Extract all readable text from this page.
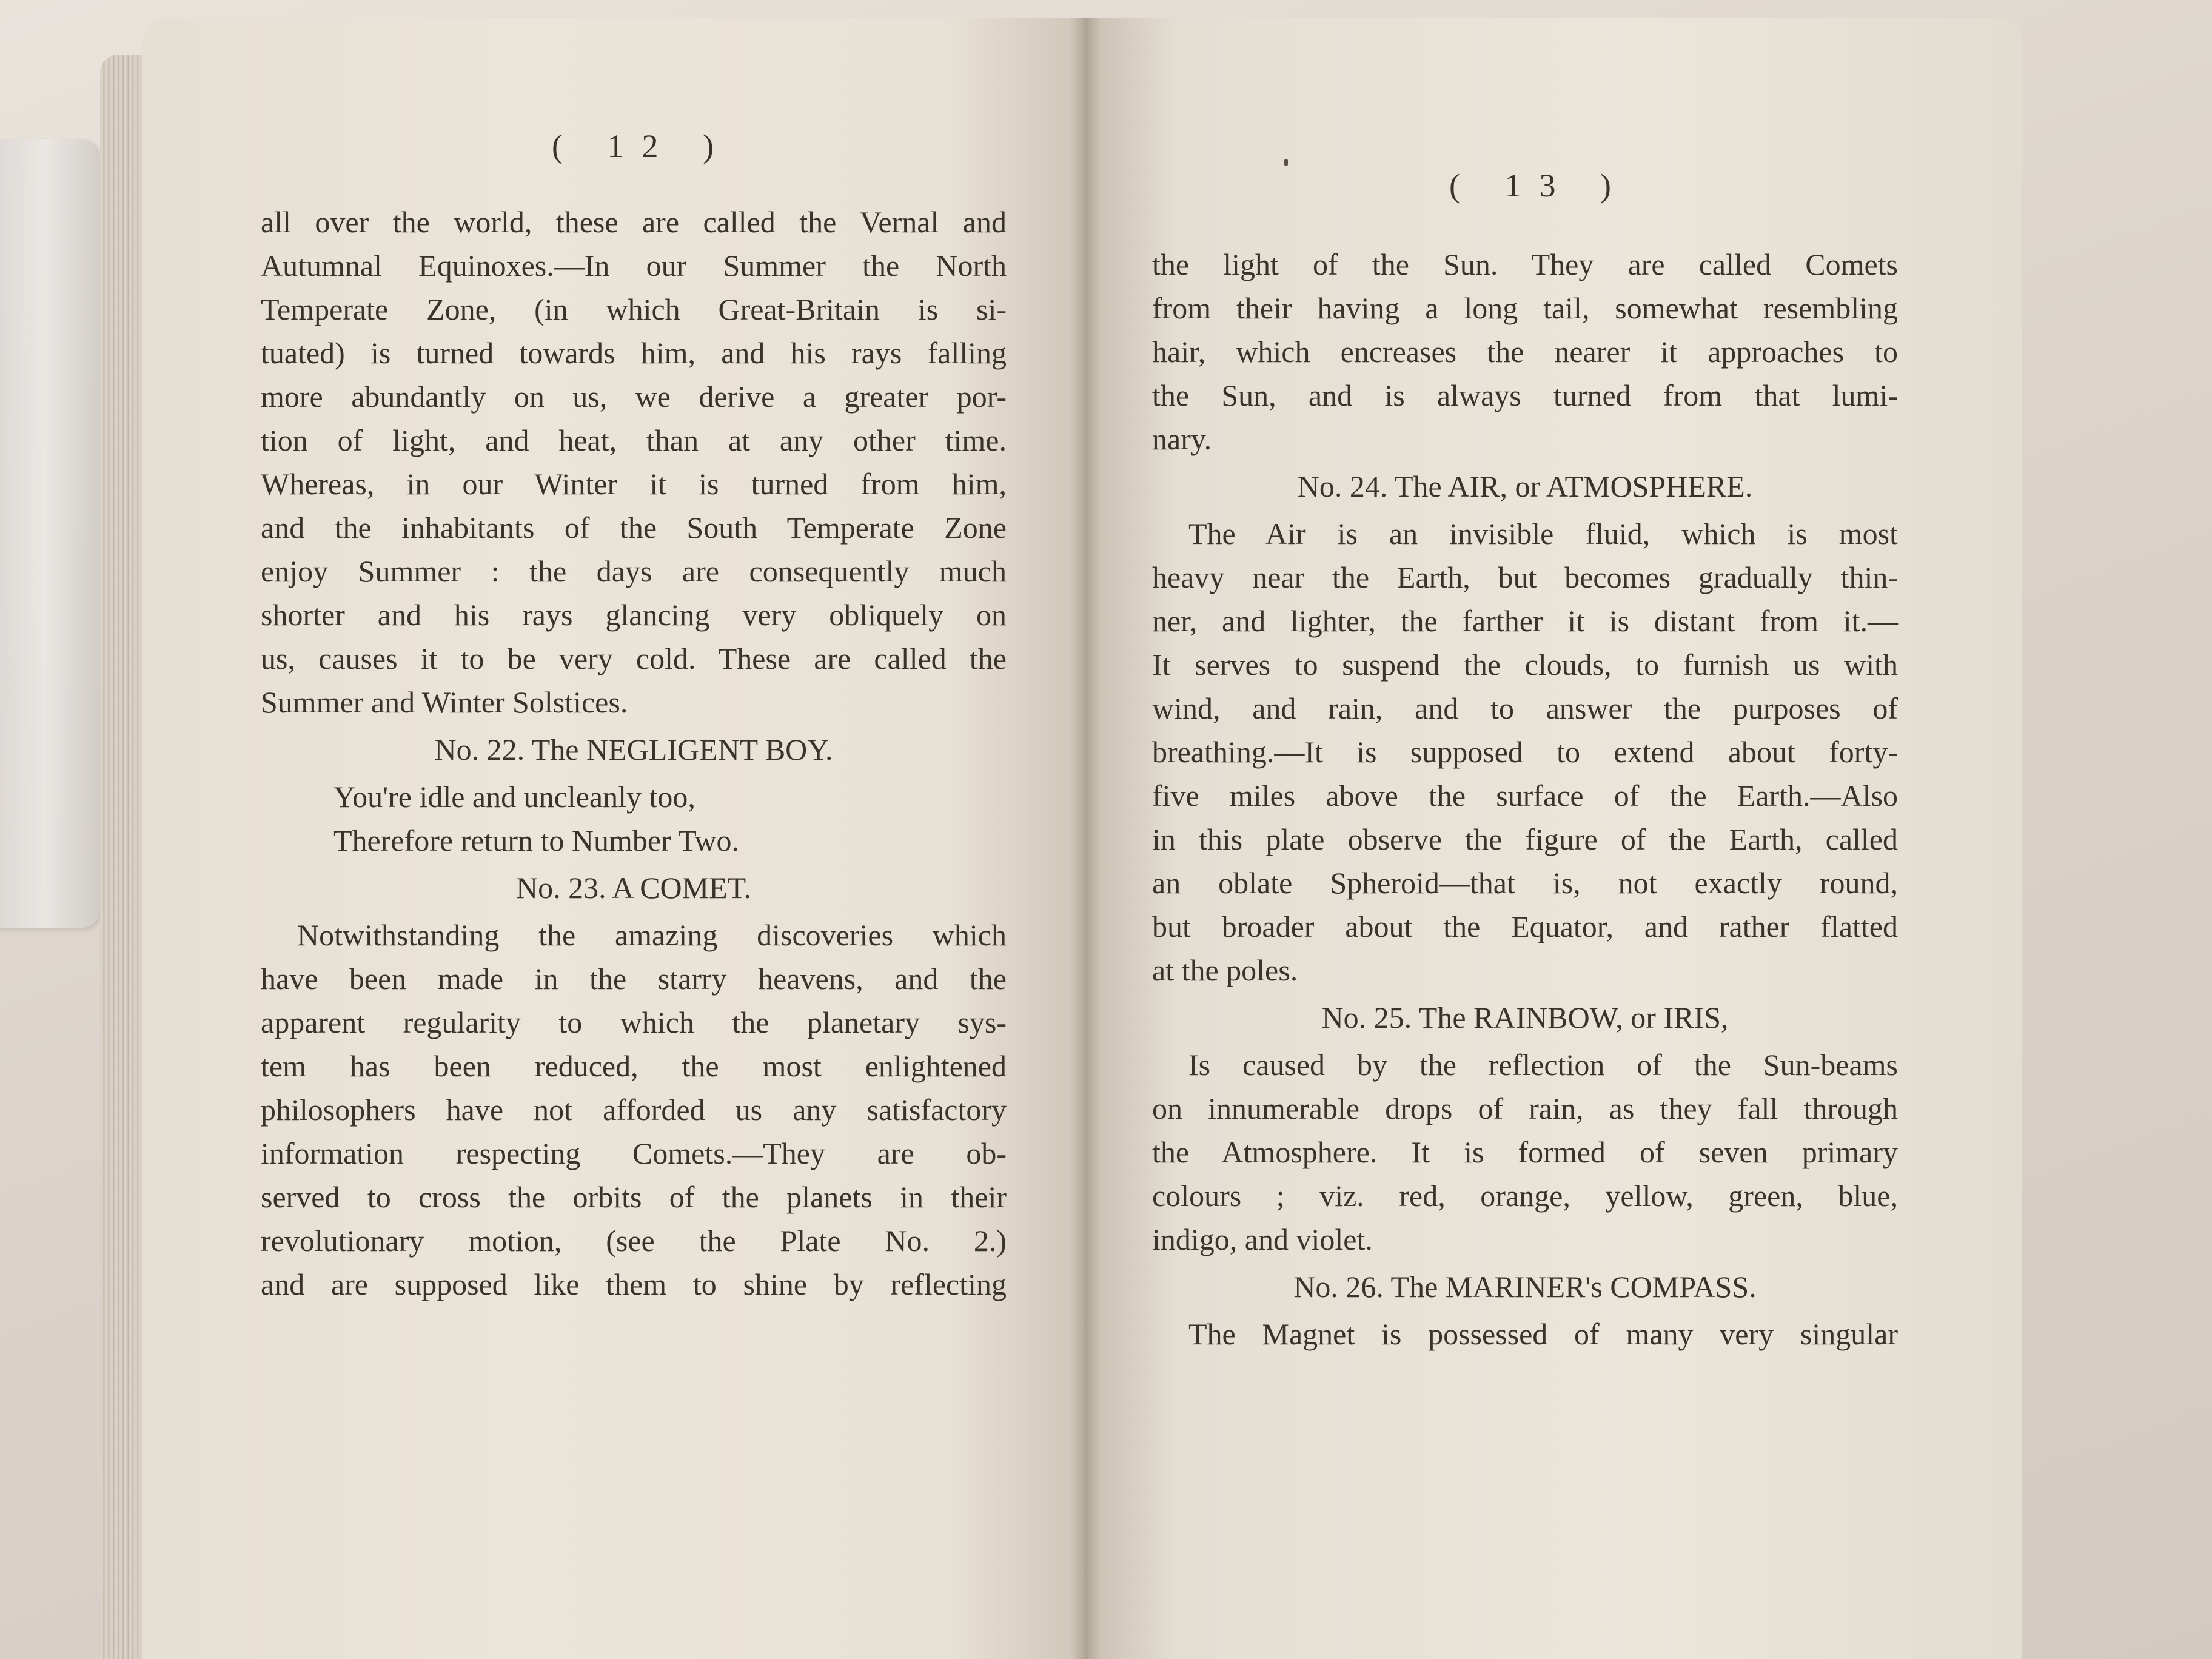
( 12 )
( 13 )
all over the world, these are called the Vernal and
Autumnal Equinoxes.—In our Summer the North
Temperate Zone, (in which Great-Britain is si-
tuated) is turned towards him, and his rays falling
more abundantly on us, we derive a greater por-
tion of light, and heat, than at any other time.
Whereas, in our Winter it is turned from him,
and the inhabitants of the South Temperate Zone
enjoy Summer : the days are consequently much
shorter and his rays glancing very obliquely on
us, causes it to be very cold. These are called the
Summer and Winter Solstices.
No. 22. The NEGLIGENT BOY.
You're idle and uncleanly too,
Therefore return to Number Two.
No. 23. A COMET.
Notwithstanding the amazing discoveries which
have been made in the starry heavens, and the
apparent regularity to which the planetary sys-
tem has been reduced, the most enlightened
philosophers have not afforded us any satisfactory
information respecting Comets.—They are ob-
served to cross the orbits of the planets in their
revolutionary motion, (see the Plate No. 2.)
and are supposed like them to shine by reflecting
the light of the Sun. They are called Comets
from their having a long tail, somewhat resembling
hair, which encreases the nearer it approaches to
the Sun, and is always turned from that lumi-
nary.
No. 24. The AIR, or ATMOSPHERE.
The Air is an invisible fluid, which is most
heavy near the Earth, but becomes gradually thin-
ner, and lighter, the farther it is distant from it.—
It serves to suspend the clouds, to furnish us with
wind, and rain, and to answer the purposes of
breathing.—It is supposed to extend about forty-
five miles above the surface of the Earth.—Also
in this plate observe the figure of the Earth, called
an oblate Spheroid—that is, not exactly round,
but broader about the Equator, and rather flatted
at the poles.
No. 25. The RAINBOW, or IRIS,
Is caused by the reflection of the Sun-beams
on innumerable drops of rain, as they fall through
the Atmosphere. It is formed of seven primary
colours ; viz. red, orange, yellow, green, blue,
indigo, and violet.
No. 26. The MARINER's COMPASS.
The Magnet is possessed of many very singular
